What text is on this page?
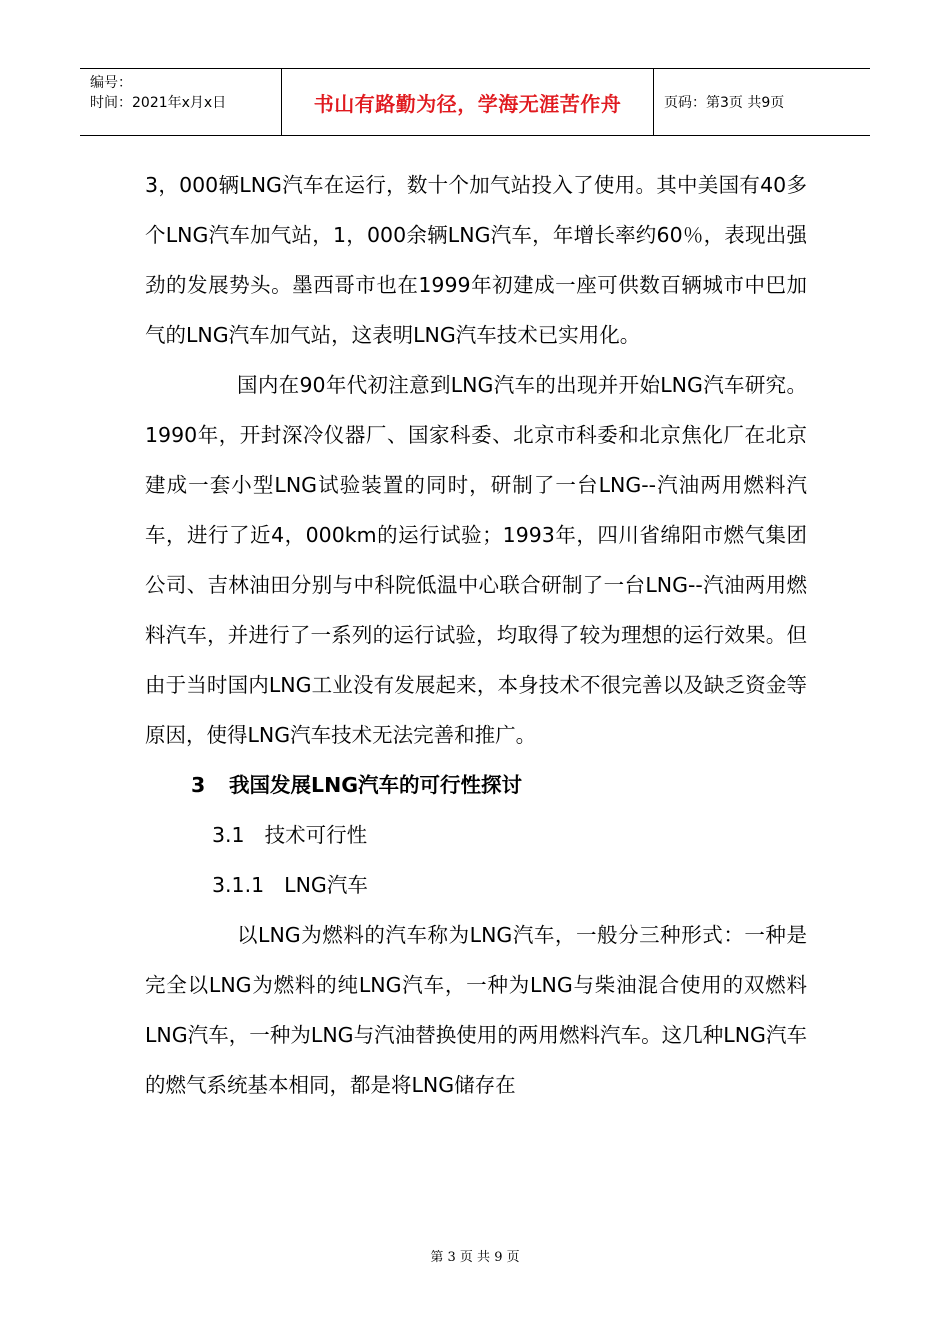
编号：
时间：2021年x月x日	书山有路勤为径，学海无涯苦作舟	页码：第3页 共9页

3，000辆LNG汽车在运行，数十个加气站投入了使用。其中美国有40多个LNG汽车加气站，1，000余辆LNG汽车，年增长率约60％，表现出强劲的发展势头。墨西哥市也在1999年初建成一座可供数百辆城市中巴加气的LNG汽车加气站，这表明LNG汽车技术已实用化。

国内在90年代初注意到LNG汽车的出现并开始LNG汽车研究。1990年，开封深冷仪器厂、国家科委、北京市科委和北京焦化厂在北京建成一套小型LNG试验装置的同时，研制了一台LNG--汽油两用燃料汽车，进行了近4，000km的运行试验；1993年，四川省绵阳市燃气集团公司、吉林油田分别与中科院低温中心联合研制了一台LNG--汽油两用燃料汽车，并进行了一系列的运行试验，均取得了较为理想的运行效果。但由于当时国内LNG工业没有发展起来，本身技术不很完善以及缺乏资金等原因，使得LNG汽车技术无法完善和推广。

3 我国发展LNG汽车的可行性探讨

3.1 技术可行性

3.1.1 LNG汽车

以LNG为燃料的汽车称为LNG汽车，一般分三种形式：一种是完全以LNG为燃料的纯LNG汽车，一种为LNG与柴油混合使用的双燃料LNG汽车，一种为LNG与汽油替换使用的两用燃料汽车。这几种LNG汽车的燃气系统基本相同，都是将LNG储存在

第 3 页 共 9 页
